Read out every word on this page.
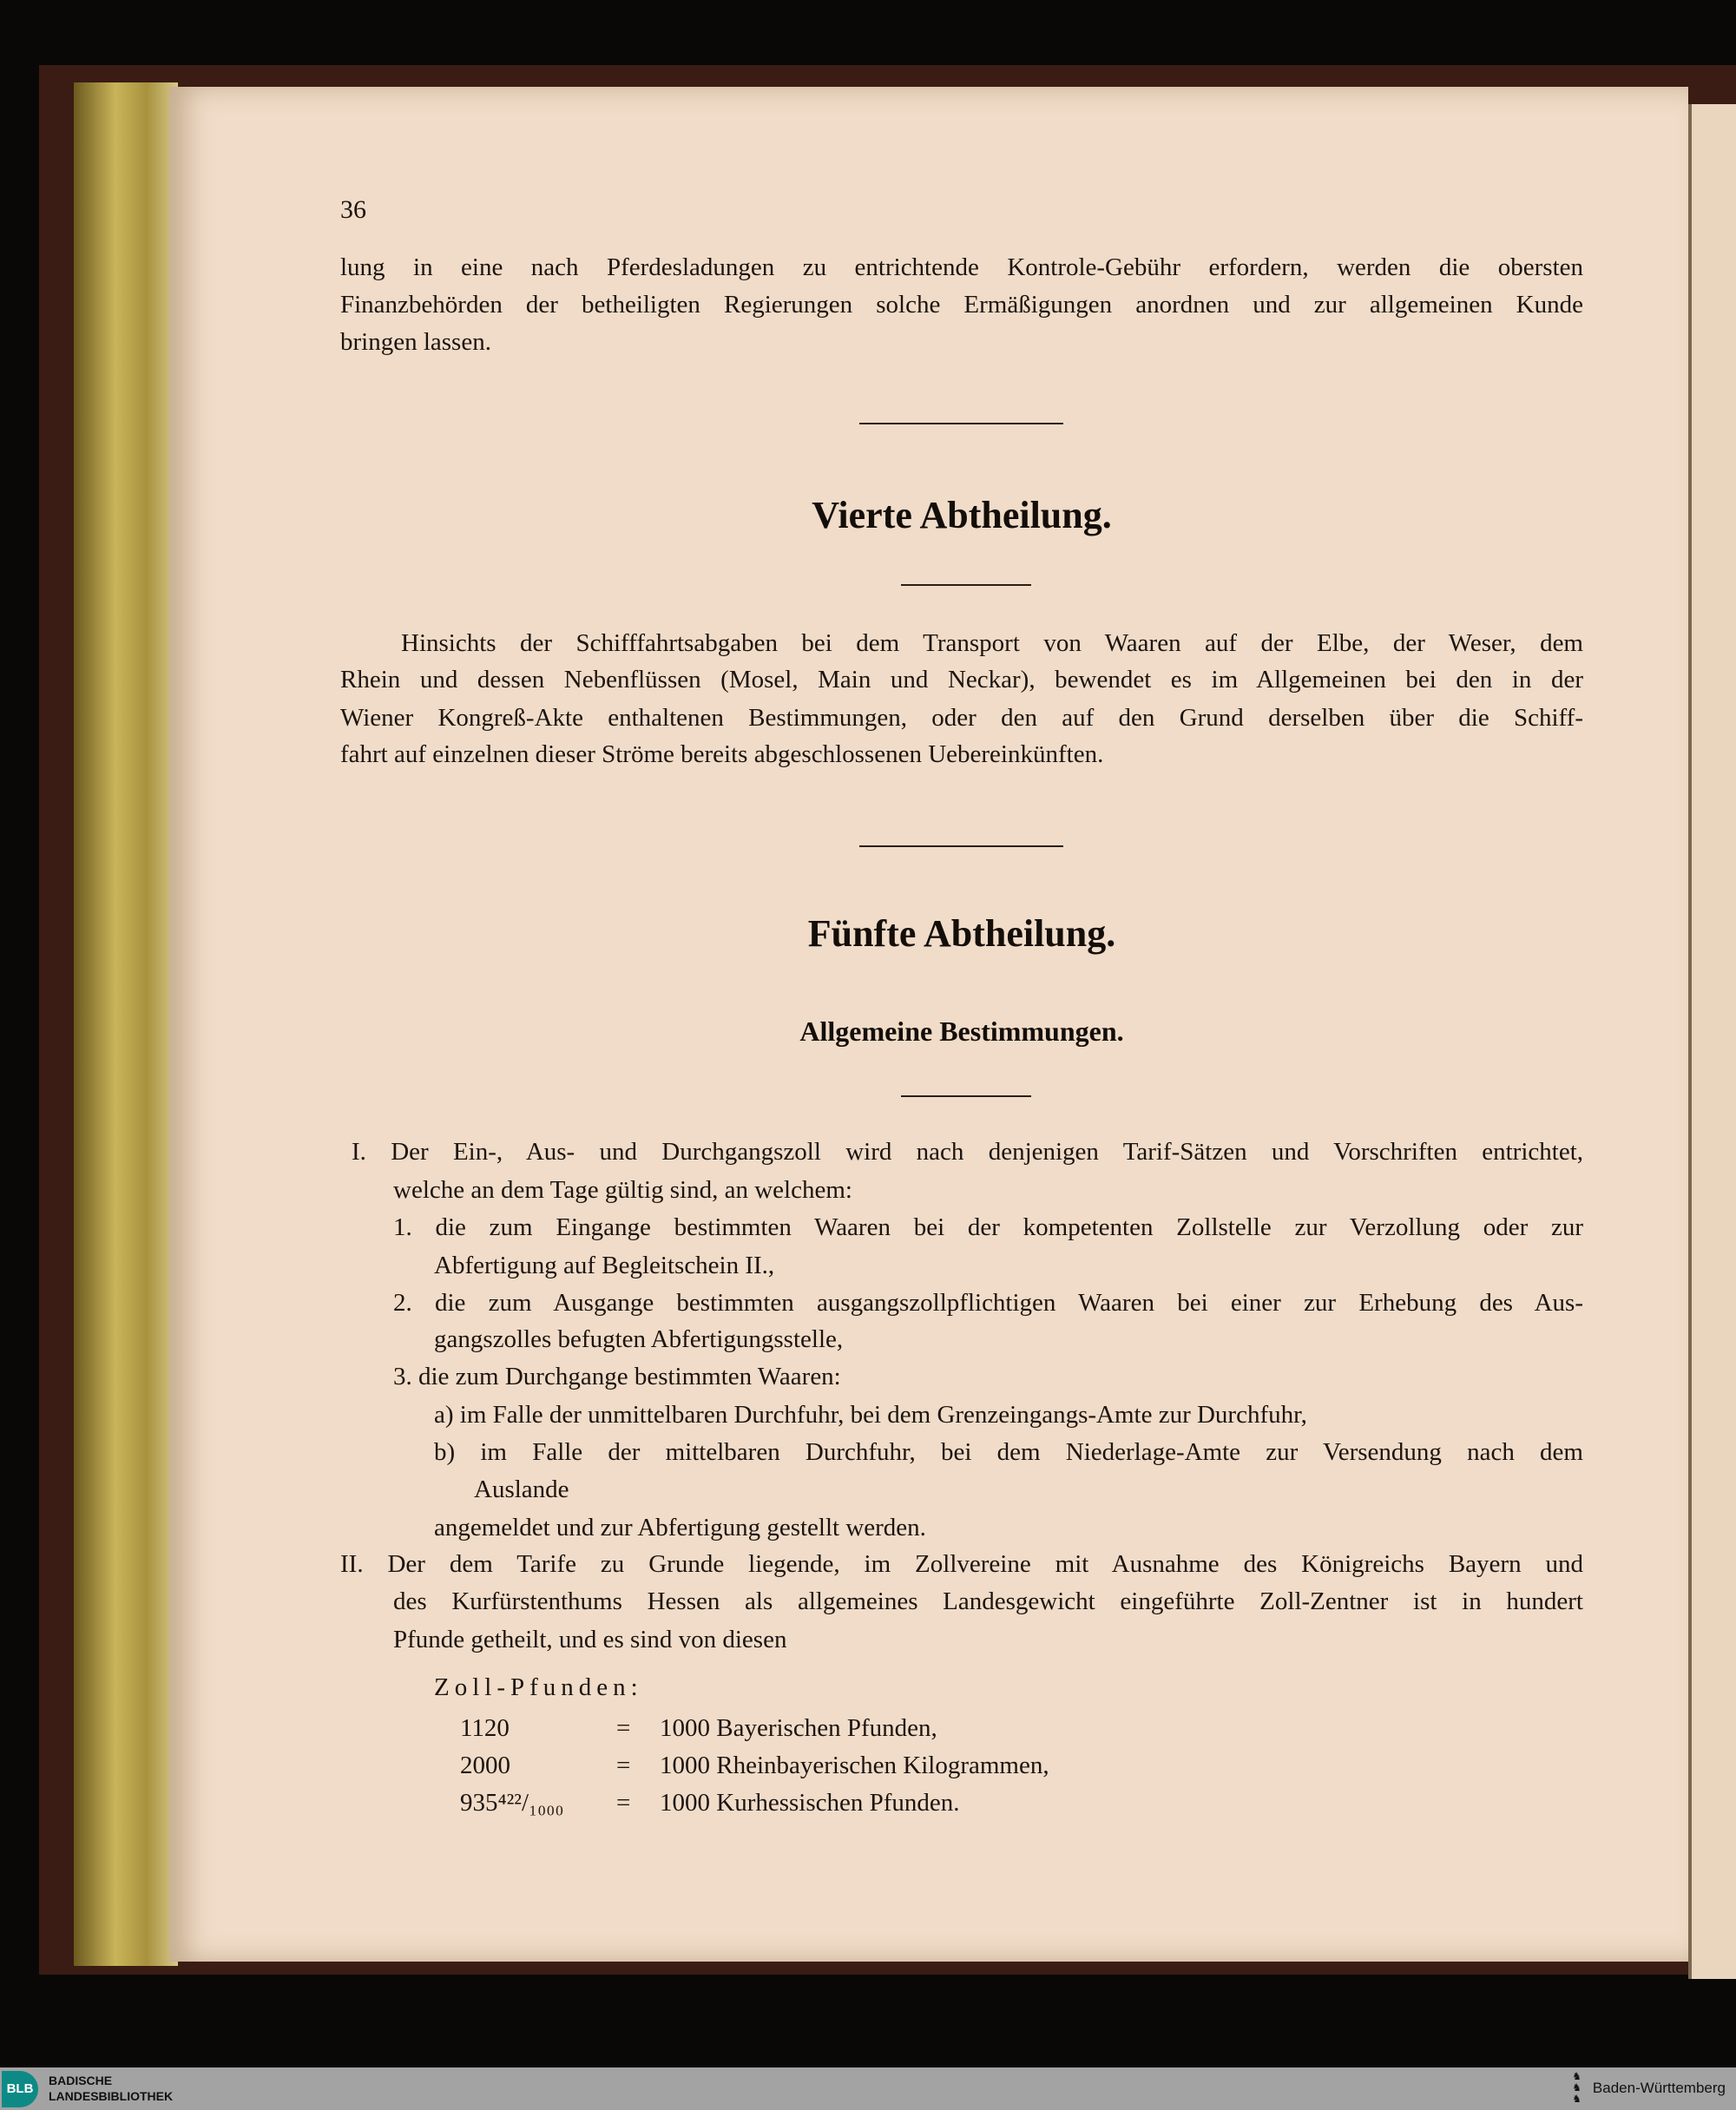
36
lung in eine nach Pferdesladungen zu entrichtende Kontrole-Gebühr erfordern, werden die obersten
Finanzbehörden der betheiligten Regierungen solche Ermäßigungen anordnen und zur allgemeinen Kunde
bringen lassen.
Vierte Abtheilung.
Hinsichts der Schifffahrtsabgaben bei dem Transport von Waaren auf der Elbe, der Weser, dem
Rhein und dessen Nebenflüssen (Mosel, Main und Neckar), bewendet es im Allgemeinen bei den in der
Wiener Kongreß-Akte enthaltenen Bestimmungen, oder den auf den Grund derselben über die Schiff-
fahrt auf einzelnen dieser Ströme bereits abgeschlossenen Uebereinkünften.
Fünfte Abtheilung.
Allgemeine Bestimmungen.
I. Der Ein-, Aus- und Durchgangszoll wird nach denjenigen Tarif-Sätzen und Vorschriften entrichtet,
welche an dem Tage gültig sind, an welchem:
1. die zum Eingange bestimmten Waaren bei der kompetenten Zollstelle zur Verzollung oder zur
Abfertigung auf Begleitschein II.,
2. die zum Ausgange bestimmten ausgangszollpflichtigen Waaren bei einer zur Erhebung des Aus-
gangszolles befugten Abfertigungsstelle,
3. die zum Durchgange bestimmten Waaren:
a) im Falle der unmittelbaren Durchfuhr, bei dem Grenzeingangs-Amte zur Durchfuhr,
b) im Falle der mittelbaren Durchfuhr, bei dem Niederlage-Amte zur Versendung nach dem
Auslande
angemeldet und zur Abfertigung gestellt werden.
II. Der dem Tarife zu Grunde liegende, im Zollvereine mit Ausnahme des Königreichs Bayern und
des Kurfürstenthums Hessen als allgemeines Landesgewicht eingeführte Zoll-Zentner ist in hundert
Pfunde getheilt, und es sind von diesen
Zoll-Pfunden:
1120	= 1000 Bayerischen Pfunden,
2000	= 1000 Rheinbayerischen Kilogrammen,
935⁴²²/₁₀₀₀ = 1000 Kurhessischen Pfunden.
BLB
BADISCHE
LANDESBIBLIOTHEK
♞
♞
♞
Baden-Württemberg
